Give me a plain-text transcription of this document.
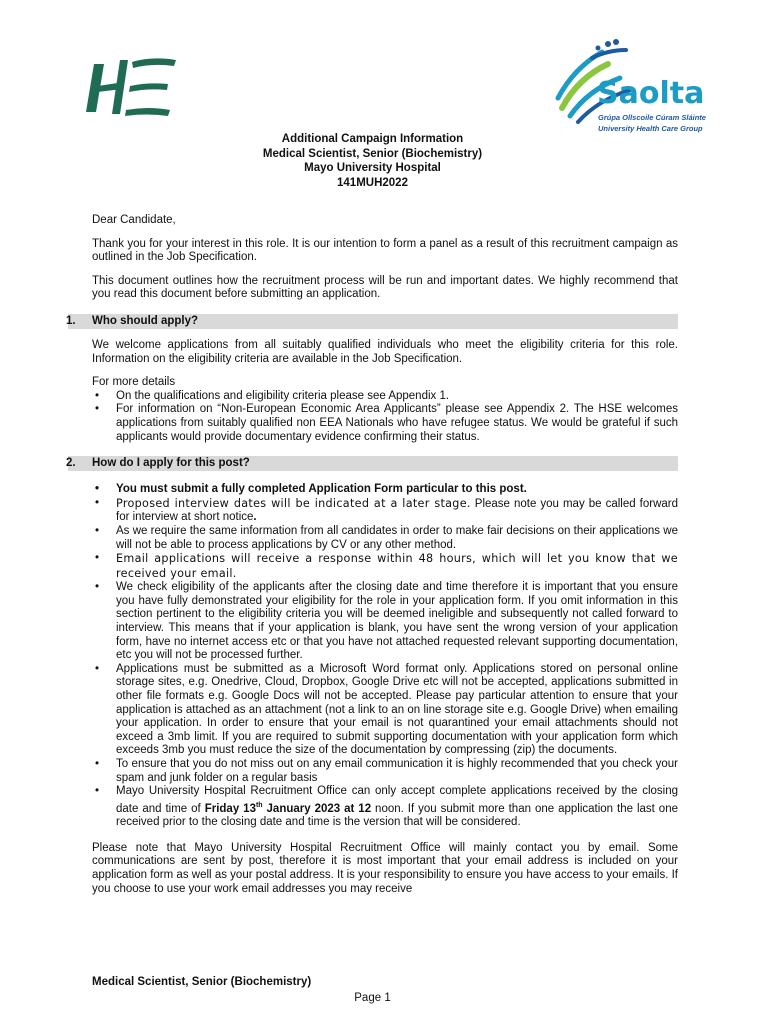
Saolta
Grúpa Ollscoile Cúram Sláinte
University Health Care Group
Additional Campaign Information
Medical Scientist, Senior (Biochemistry)
Mayo University Hospital
141MUH2022

Dear Candidate,

Thank you for your interest in this role. It is our intention to form a panel as a result of this recruitment campaign as outlined in the Job Specification.

This document outlines how the recruitment process will be run and important dates. We highly recommend that you read this document before submitting an application.

1. Who should apply?

We welcome applications from all suitably qualified individuals who meet the eligibility criteria for this role. Information on the eligibility criteria are available in the Job Specification.

For more details

• On the qualifications and eligibility criteria please see Appendix 1.
• For information on “Non-European Economic Area Applicants” please see Appendix 2. The HSE welcomes applications from suitably qualified non EEA Nationals who have refugee status. We would be grateful if such applicants would provide documentary evidence confirming their status.
2. How do I apply for this post?
• You must submit a fully completed Application Form particular to this post.
• Proposed interview dates will be indicated at a later stage. Please note you may be called forward for interview at short notice.
• As we require the same information from all candidates in order to make fair decisions on their applications we will not be able to process applications by CV or any other method.
• Email applications will receive a response within 48 hours, which will let you know that we received your email.
• We check eligibility of the applicants after the closing date and time therefore it is important that you ensure you have fully demonstrated your eligibility for the role in your application form. If you omit information in this section pertinent to the eligibility criteria you will be deemed ineligible and subsequently not called forward to interview. This means that if your application is blank, you have sent the wrong version of your application form, have no internet access etc or that you have not attached requested relevant supporting documentation, etc you will not be processed further.
• Applications must be submitted as a Microsoft Word format only. Applications stored on personal online storage sites, e.g. Onedrive, Cloud, Dropbox, Google Drive etc will not be accepted, applications submitted in other file formats e.g. Google Docs will not be accepted. Please pay particular attention to ensure that your application is attached as an attachment (not a link to an on line storage site e.g. Google Drive) when emailing your application. In order to ensure that your email is not quarantined your email attachments should not exceed a 3mb limit. If you are required to submit supporting documentation with your application form which exceeds 3mb you must reduce the size of the documentation by compressing (zip) the documents.
• To ensure that you do not miss out on any email communication it is highly recommended that you check your spam and junk folder on a regular basis
• Mayo University Hospital Recruitment Office can only accept complete applications received by the closing date and time of Friday 13th January 2023 at 12 noon. If you submit more than one application the last one received prior to the closing date and time is the version that will be considered.

Please note that Mayo University Hospital Recruitment Office will mainly contact you by email. Some communications are sent by post, therefore it is most important that your email address is included on your application form as well as your postal address. It is your responsibility to ensure you have access to your emails. If you choose to use your work email addresses you may receive

Medical Scientist, Senior (Biochemistry)
Page 1
